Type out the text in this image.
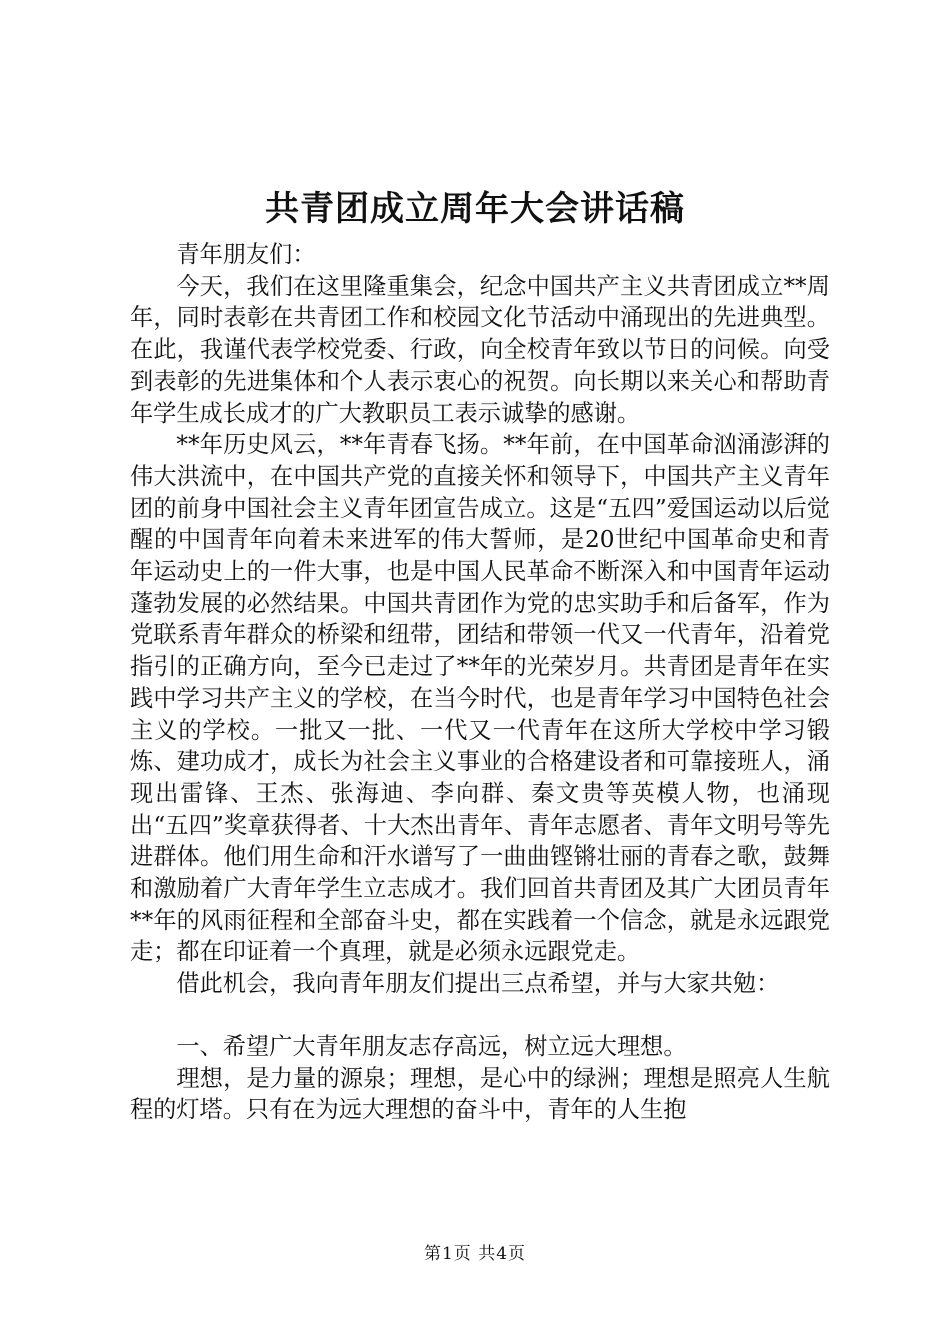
共青团成立周年大会讲话稿

青年朋友们：

今天，我们在这里隆重集会，纪念中国共产主义共青团成立**周年，同时表彰在共青团工作和校园文化节活动中涌现出的先进典型。在此，我谨代表学校党委、行政，向全校青年致以节日的问候。向受到表彰的先进集体和个人表示衷心的祝贺。向长期以来关心和帮助青年学生成长成才的广大教职员工表示诚挚的感谢。

**年历史风云，**年青春飞扬。**年前，在中国革命汹涌澎湃的伟大洪流中，在中国共产党的直接关怀和领导下，中国共产主义青年团的前身中国社会主义青年团宣告成立。这是“五四”爱国运动以后觉醒的中国青年向着未来进军的伟大誓师，是20世纪中国革命史和青年运动史上的一件大事，也是中国人民革命不断深入和中国青年运动蓬勃发展的必然结果。中国共青团作为党的忠实助手和后备军，作为党联系青年群众的桥梁和纽带，团结和带领一代又一代青年，沿着党指引的正确方向，至今已走过了**年的光荣岁月。共青团是青年在实践中学习共产主义的学校，在当今时代，也是青年学习中国特色社会主义的学校。一批又一批、一代又一代青年在这所大学校中学习锻炼、建功成才，成长为社会主义事业的合格建设者和可靠接班人，涌现出雷锋、王杰、张海迪、李向群、秦文贵等英模人物，也涌现出“五四”奖章获得者、十大杰出青年、青年志愿者、青年文明号等先进群体。他们用生命和汗水谱写了一曲曲铿锵壮丽的青春之歌，鼓舞和激励着广大青年学生立志成才。我们回首共青团及其广大团员青年**年的风雨征程和全部奋斗史，都在实践着一个信念，就是永远跟党走；都在印证着一个真理，就是必须永远跟党走。

借此机会，我向青年朋友们提出三点希望，并与大家共勉：

一、希望广大青年朋友志存高远，树立远大理想。

理想，是力量的源泉；理想，是心中的绿洲；理想是照亮人生航程的灯塔。只有在为远大理想的奋斗中，青年的人生抱

第1页 共4页
